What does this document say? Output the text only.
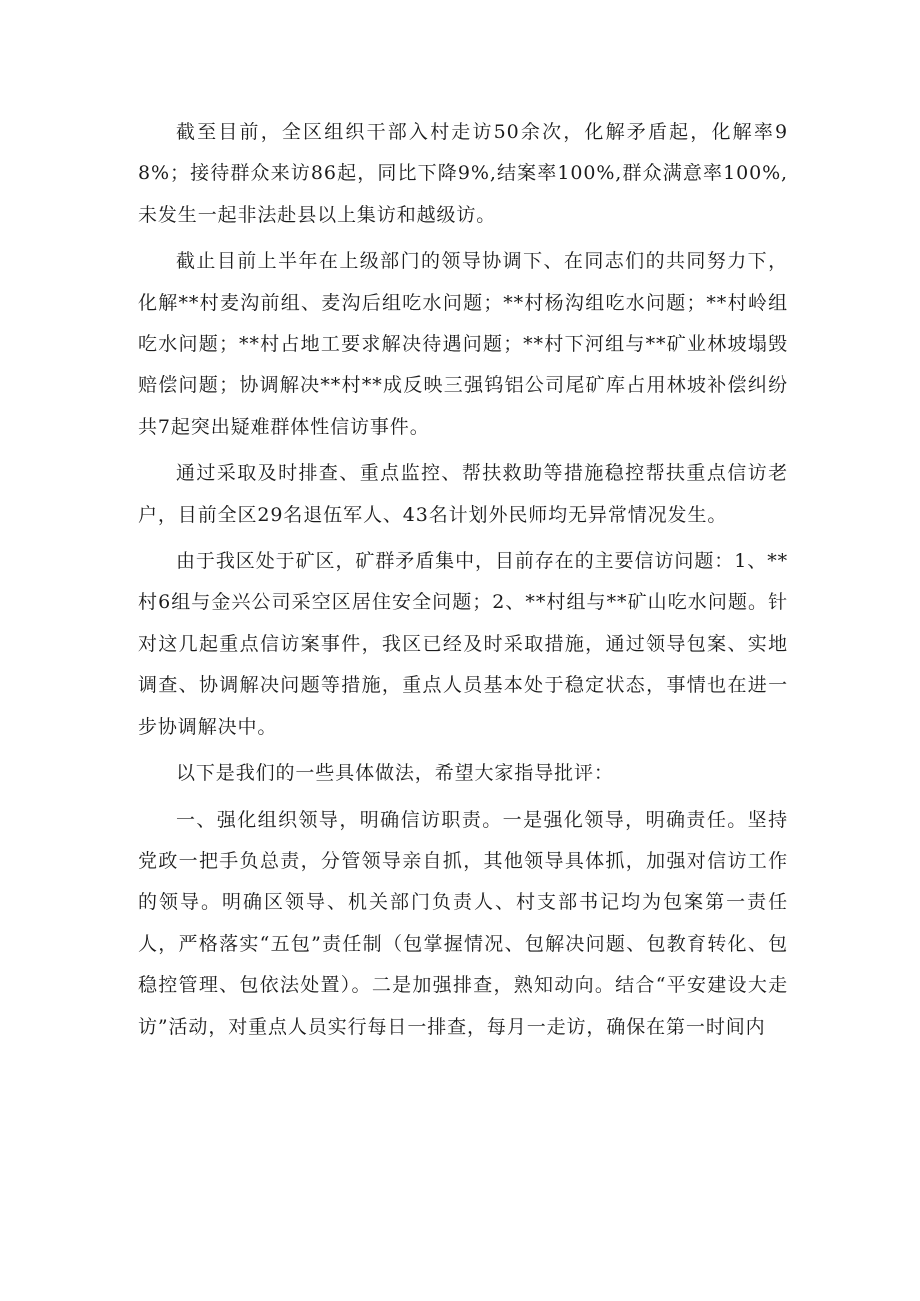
截至目前，全区组织干部入村走访50余次，化解矛盾起，化解率98%；接待群众来访86起，同比下降9%,结案率100%,群众满意率100%,未发生一起非法赴县以上集访和越级访。

截止目前上半年在上级部门的领导协调下、在同志们的共同努力下，化解**村麦沟前组、麦沟后组吃水问题；**村杨沟组吃水问题；**村岭组吃水问题；**村占地工要求解决待遇问题；**村下河组与**矿业林坡塌毁赔偿问题；协调解决**村**成反映三强钨铝公司尾矿库占用林坡补偿纠纷共7起突出疑难群体性信访事件。

通过采取及时排查、重点监控、帮扶救助等措施稳控帮扶重点信访老户，目前全区29名退伍军人、43名计划外民师均无异常情况发生。

由于我区处于矿区，矿群矛盾集中，目前存在的主要信访问题：1、**村6组与金兴公司采空区居住安全问题；2、**村组与**矿山吃水问题。针对这几起重点信访案事件，我区已经及时采取措施，通过领导包案、实地调查、协调解决问题等措施，重点人员基本处于稳定状态，事情也在进一步协调解决中。

以下是我们的一些具体做法，希望大家指导批评：

一、强化组织领导，明确信访职责。一是强化领导，明确责任。坚持党政一把手负总责，分管领导亲自抓，其他领导具体抓，加强对信访工作的领导。明确区领导、机关部门负责人、村支部书记均为包案第一责任人，严格落实“五包”责任制（包掌握情况、包解决问题、包教育转化、包稳控管理、包依法处置）。二是加强排查，熟知动向。结合“平安建设大走访”活动，对重点人员实行每日一排查，每月一走访，确保在第一时间内
